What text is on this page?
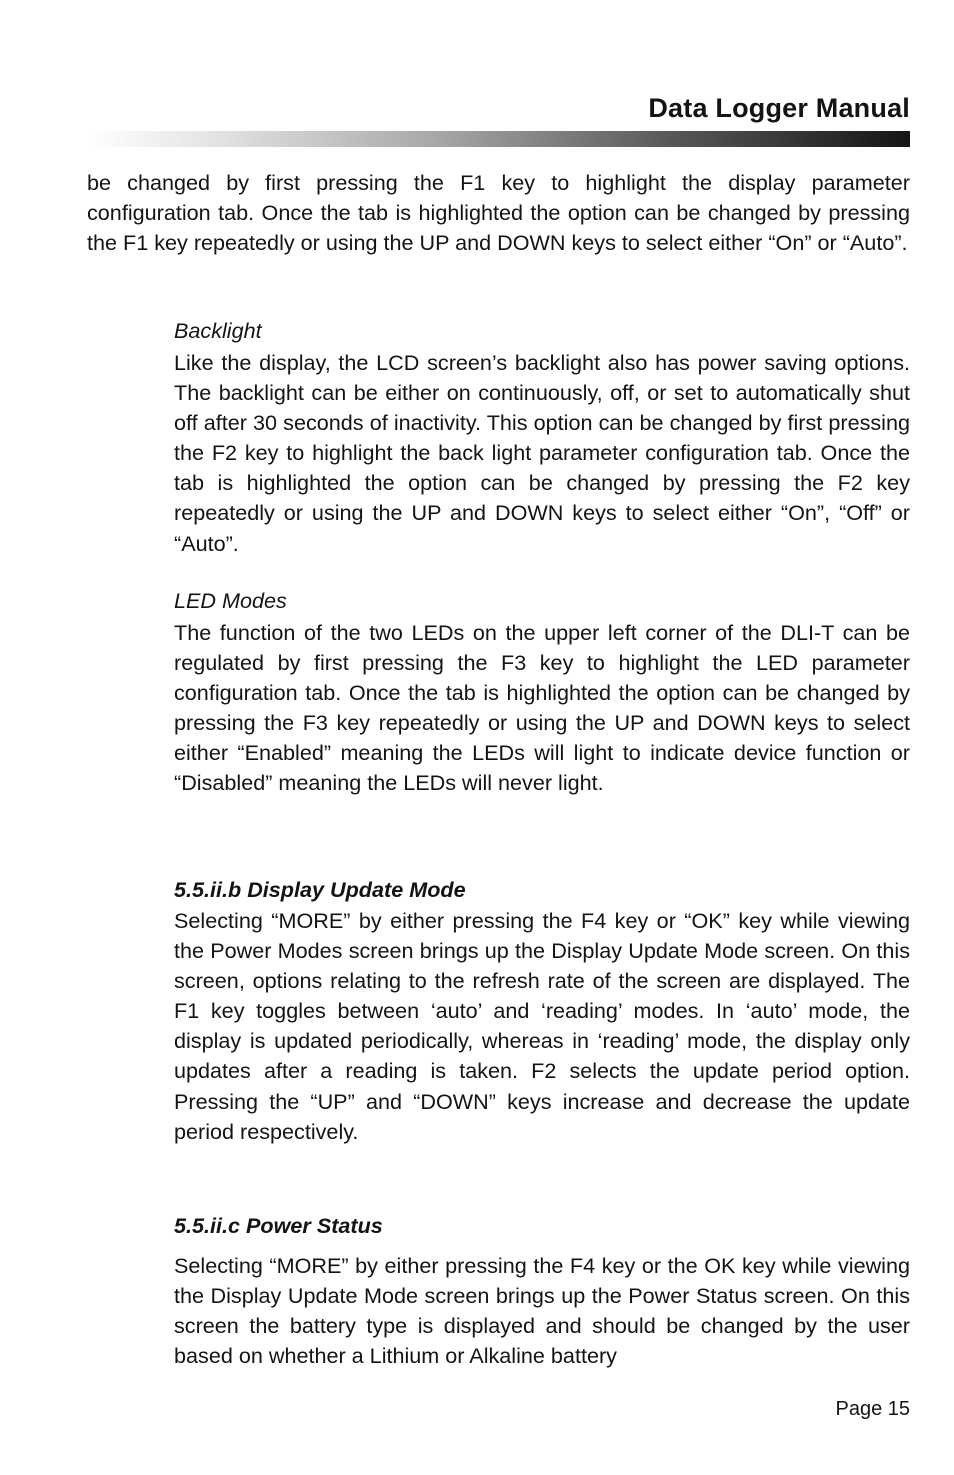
Data Logger Manual

be changed by first pressing the F1 key to highlight the display parameter configuration tab. Once the tab is highlighted the option can be changed by pressing the F1 key repeatedly or using the UP and DOWN keys to select either “On” or “Auto”.

Backlight

Like the display, the LCD screen’s backlight also has power saving options. The backlight can be either on continuously, off, or set to automatically shut off after 30 seconds of inactivity. This option can be changed by first pressing the F2 key to highlight the back light parameter configuration tab. Once the tab is highlighted the option can be changed by pressing the F2 key repeatedly or using the UP and DOWN keys to select either “On”, “Off” or “Auto”.

LED Modes

The function of the two LEDs on the upper left corner of the DLI-T can be regulated by first pressing the F3 key to highlight the LED parameter configuration tab. Once the tab is highlighted the option can be changed by pressing the F3 key repeatedly or using the UP and DOWN keys to select either “Enabled” meaning the LEDs will light to indicate device function or “Disabled” meaning the LEDs will never light.

5.5.ii.b Display Update Mode

Selecting “MORE” by either pressing the F4 key or “OK” key while viewing the Power Modes screen brings up the Display Update Mode screen. On this screen, options relating to the refresh rate of the screen are displayed. The F1 key toggles between ‘auto’ and ‘reading’ modes. In ‘auto’ mode, the display is updated periodically, whereas in ‘reading’ mode, the display only updates after a reading is taken. F2 selects the update period option. Pressing the “UP” and “DOWN” keys increase and decrease the update period respectively.

5.5.ii.c Power Status

Selecting “MORE” by either pressing the F4 key or the OK key while viewing the Display Update Mode screen brings up the Power Status screen. On this screen the battery type is displayed and should be changed by the user based on whether a Lithium or Alkaline battery

Page 15
